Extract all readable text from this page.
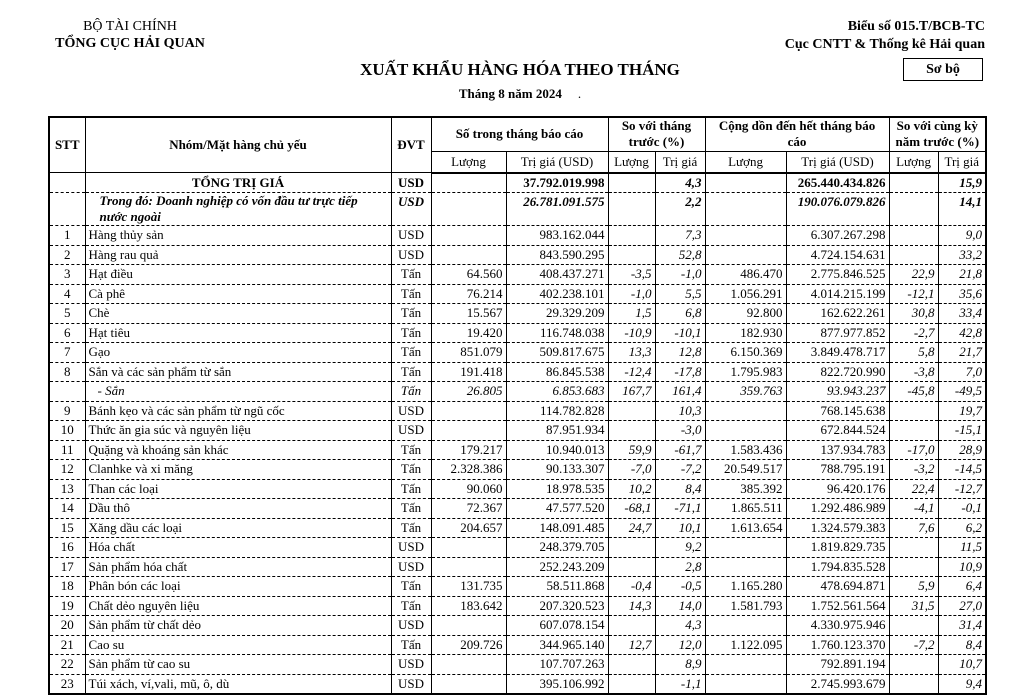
BỘ TÀI CHÍNH
TỔNG CỤC HẢI QUAN
Biểu số 015.T/BCB-TC
Cục CNTT & Thống kê Hải quan
Sơ bộ
XUẤT KHẨU HÀNG HÓA THEO THÁNG
Tháng 8 năm 2024 .
STT	Nhóm/Mặt hàng chủ yếu	ĐVT	Số trong tháng báo cáo		So với tháng trước (%)		Cộng dồn đến hết tháng báo cáo		So với cùng kỳ năm trước (%)	
			Lượng	Trị giá (USD)	Lượng	Trị giá	Lượng	Trị giá (USD)	Lượng	Trị giá
	TỔNG TRỊ GIÁ	USD		37.792.019.998		4,3		265.440.434.826		15,9
	Trong đó: Doanh nghiệp có vốn đầu tư trực tiếp nước ngoài	USD		26.781.091.575		2,2		190.076.079.826		14,1
1	Hàng thủy sản	USD		983.162.044		7,3		6.307.267.298		9,0
2	Hàng rau quả	USD		843.590.295		52,8		4.724.154.631		33,2
3	Hạt điều	Tấn	64.560	408.437.271	-3,5	-1,0	486.470	2.775.846.525	22,9	21,8
4	Cà phê	Tấn	76.214	402.238.101	-1,0	5,5	1.056.291	4.014.215.199	-12,1	35,6
5	Chè	Tấn	15.567	29.329.209	1,5	6,8	92.800	162.622.261	30,8	33,4
6	Hạt tiêu	Tấn	19.420	116.748.038	-10,9	-10,1	182.930	877.977.852	-2,7	42,8
7	Gạo	Tấn	851.079	509.817.675	13,3	12,8	6.150.369	3.849.478.717	5,8	21,7
8	Sắn và các sản phẩm từ sắn	Tấn	191.418	86.845.538	-12,4	-17,8	1.795.983	822.720.990	-3,8	7,0
	- Sắn	Tấn	26.805	6.853.683	167,7	161,4	359.763	93.943.237	-45,8	-49,5
9	Bánh kẹo và các sản phẩm từ ngũ cốc	USD		114.782.828		10,3		768.145.638		19,7
10	Thức ăn gia súc và nguyên liệu	USD		87.951.934		-3,0		672.844.524		-15,1
11	Quặng và khoáng sản khác	Tấn	179.217	10.940.013	59,9	-61,7	1.583.436	137.934.783	-17,0	28,9
12	Clanhke và xi măng	Tấn	2.328.386	90.133.307	-7,0	-7,2	20.549.517	788.795.191	-3,2	-14,5
13	Than các loại	Tấn	90.060	18.978.535	10,2	8,4	385.392	96.420.176	22,4	-12,7
14	Dầu thô	Tấn	72.367	47.577.520	-68,1	-71,1	1.865.511	1.292.486.989	-4,1	-0,1
15	Xăng dầu các loại	Tấn	204.657	148.091.485	24,7	10,1	1.613.654	1.324.579.383	7,6	6,2
16	Hóa chất	USD		248.379.705		9,2		1.819.829.735		11,5
17	Sản phẩm hóa chất	USD		252.243.209		2,8		1.794.835.528		10,9
18	Phân bón các loại	Tấn	131.735	58.511.868	-0,4	-0,5	1.165.280	478.694.871	5,9	6,4
19	Chất dẻo nguyên liệu	Tấn	183.642	207.320.523	14,3	14,0	1.581.793	1.752.561.564	31,5	27,0
20	Sản phẩm từ chất dẻo	USD		607.078.154		4,3		4.330.975.946		31,4
21	Cao su	Tấn	209.726	344.965.140	12,7	12,0	1.122.095	1.760.123.370	-7,2	8,4
22	Sản phẩm từ cao su	USD		107.707.263		8,9		792.891.194		10,7
23	Túi xách, ví,vali, mũ, ô, dù	USD		395.106.992		-1,1		2.745.993.679		9,4
